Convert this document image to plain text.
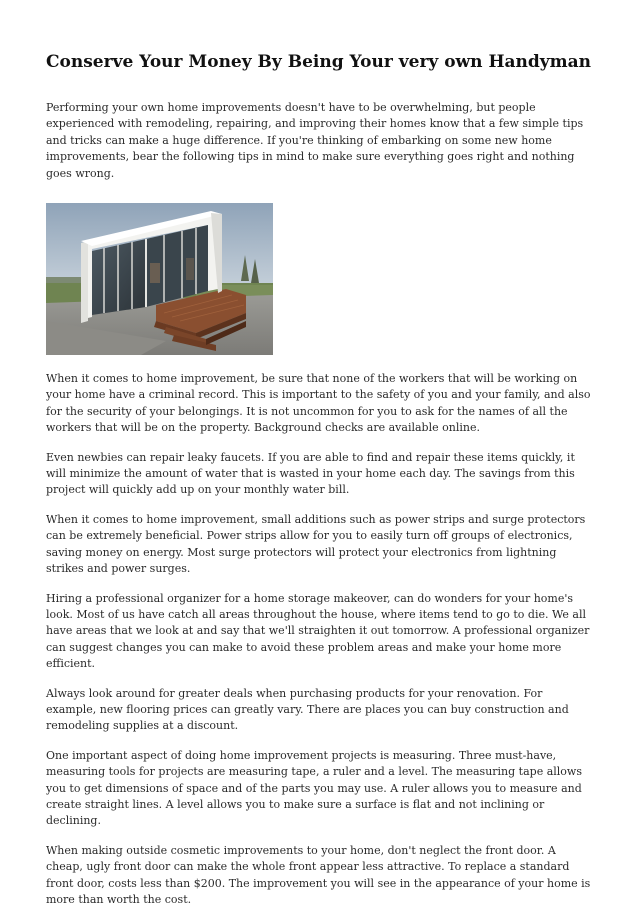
Conserve Your Money By Being Your very own Handyman

Performing your own home improvements doesn't have to be overwhelming, but people experienced with remodeling, repairing, and improving their homes know that a few simple tips and tricks can make a huge difference. If you're thinking of embarking on some new home improvements, bear the following tips in mind to make sure everything goes right and nothing goes wrong.

When it comes to home improvement, be sure that none of the workers that will be working on your home have a criminal record. This is important to the safety of you and your family, and also for the security of your belongings. It is not uncommon for you to ask for the names of all the workers that will be on the property. Background checks are available online.

Even newbies can repair leaky faucets. If you are able to find and repair these items quickly, it will minimize the amount of water that is wasted in your home each day. The savings from this project will quickly add up on your monthly water bill.

When it comes to home improvement, small additions such as power strips and surge protectors can be extremely beneficial. Power strips allow for you to easily turn off groups of electronics, saving money on energy. Most surge protectors will protect your electronics from lightning strikes and power surges.

Hiring a professional organizer for a home storage makeover, can do wonders for your home's look. Most of us have catch all areas throughout the house, where items tend to go to die. We all have areas that we look at and say that we'll straighten it out tomorrow. A professional organizer can suggest changes you can make to avoid these problem areas and make your home more efficient.

Always look around for greater deals when purchasing products for your renovation. For example, new flooring prices can greatly vary. There are places you can buy construction and remodeling supplies at a discount.

One important aspect of doing home improvement projects is measuring. Three must-have, measuring tools for projects are measuring tape, a ruler and a level. The measuring tape allows you to get dimensions of space and of the parts you may use. A ruler allows you to measure and create straight lines. A level allows you to make sure a surface is flat and not inclining or declining.

When making outside cosmetic improvements to your home, don't neglect the front door. A cheap, ugly front door can make the whole front appear less attractive. To replace a standard front door, costs less than $200. The improvement you will see in the appearance of your home is more than worth the cost.
